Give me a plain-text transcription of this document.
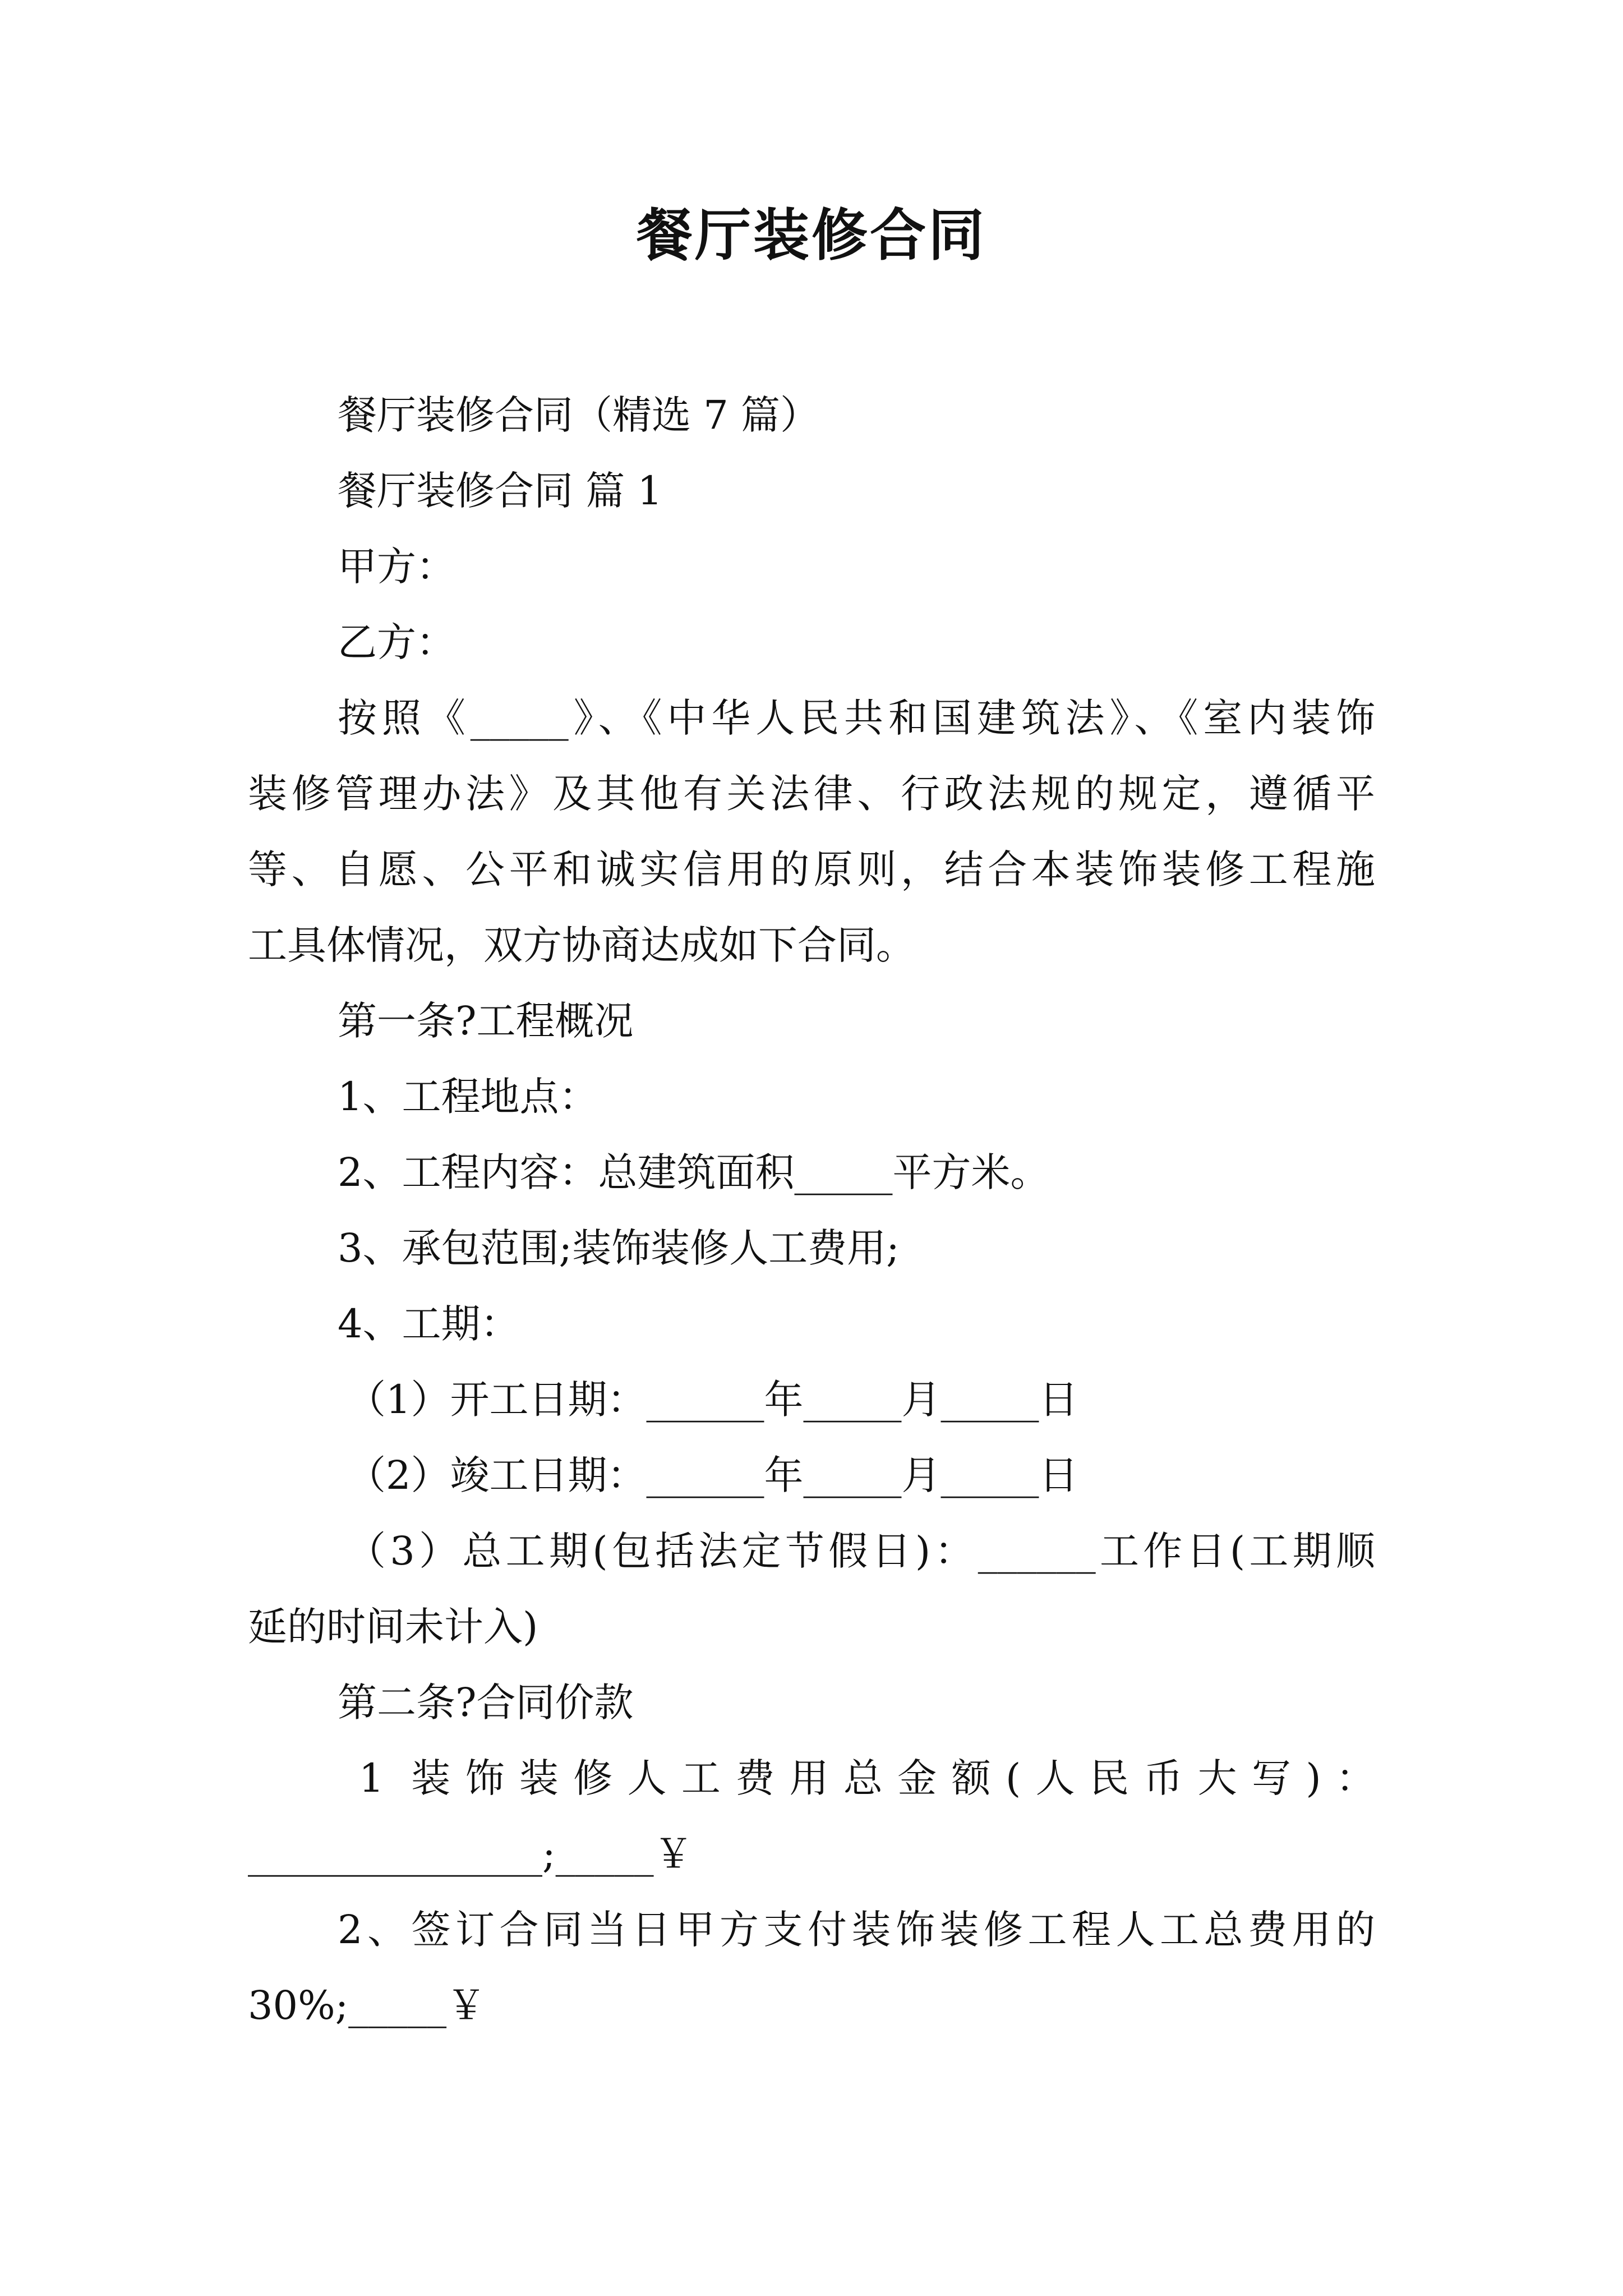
餐厅装修合同
餐厅装修合同（精选 7 篇）
餐厅装修合同 篇 1
甲方：
乙方：
按照《_____》、《中华人民共和国建筑法》、《室内装饰
装修管理办法》及其他有关法律、行政法规的规定，遵循平
等、自愿、公平和诚实信用的原则，结合本装饰装修工程施
工具体情况，双方协商达成如下合同。
第一条?工程概况
1、工程地点：
2、工程内容：总建筑面积_____平方米。
3、承包范围;装饰装修人工费用;
4、工期：
（1）开工日期：______年_____月_____日
（2）竣工日期：______年_____月_____日
（3）总工期(包括法定节假日)：______工作日(工期顺
延的时间未计入)
第二条?合同价款
1 装饰装修人工费用总金额(人民币大写)：
_______________;_____￥
2、签订合同当日甲方支付装饰装修工程人工总费用的
30%;_____￥
